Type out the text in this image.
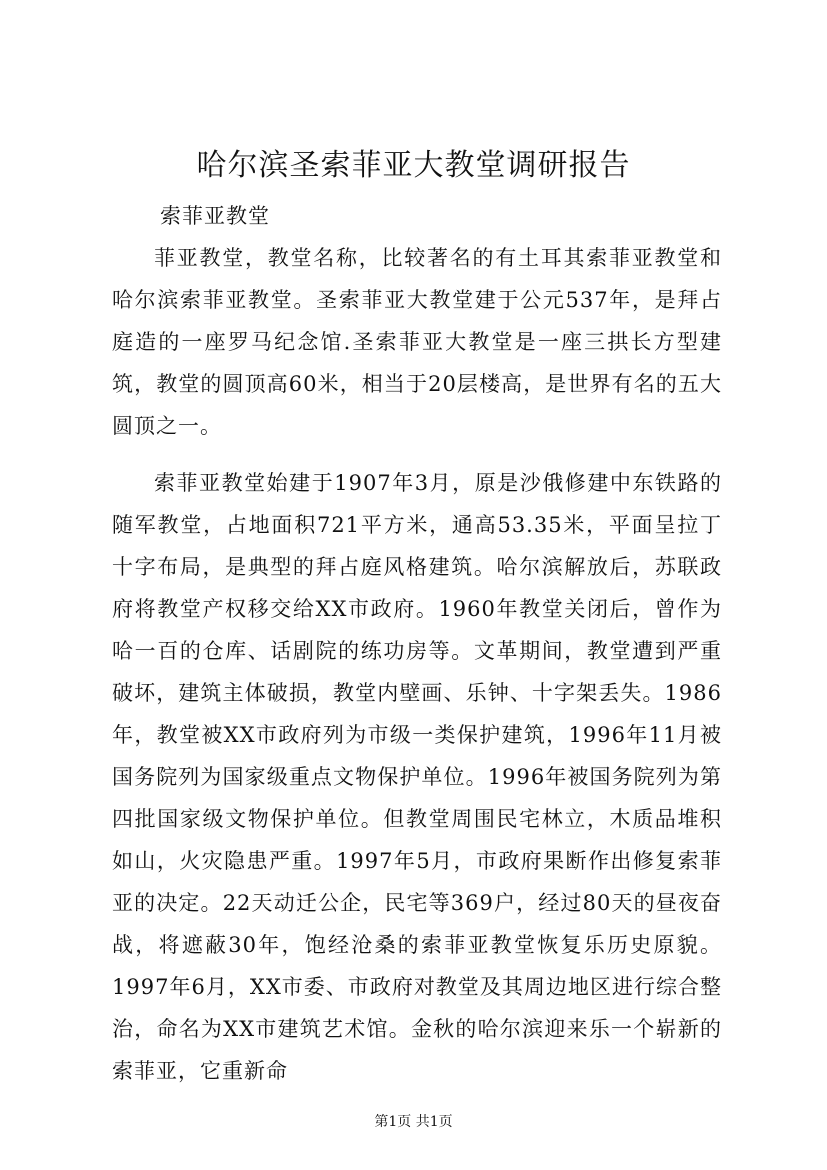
哈尔滨圣索菲亚大教堂调研报告
索菲亚教堂

菲亚教堂，教堂名称，比较著名的有土耳其索菲亚教堂和哈尔滨索菲亚教堂。圣索菲亚大教堂建于公元537年，是拜占庭造的一座罗马纪念馆.圣索菲亚大教堂是一座三拱长方型建筑，教堂的圆顶高60米，相当于20层楼高，是世界有名的五大圆顶之一。

索菲亚教堂始建于1907年3月，原是沙俄修建中东铁路的随军教堂，占地面积721平方米，通高53.35米，平面呈拉丁十字布局，是典型的拜占庭风格建筑。哈尔滨解放后，苏联政府将教堂产权移交给XX市政府。1960年教堂关闭后，曾作为哈一百的仓库、话剧院的练功房等。文革期间，教堂遭到严重破坏，建筑主体破损，教堂内壁画、乐钟、十字架丢失。1986年，教堂被XX市政府列为市级一类保护建筑，1996年11月被国务院列为国家级重点文物保护单位。1996年被国务院列为第四批国家级文物保护单位。但教堂周围民宅林立，木质品堆积如山，火灾隐患严重。1997年5月，市政府果断作出修复索菲亚的决定。22天动迁公企，民宅等369户，经过80天的昼夜奋战，将遮蔽30年，饱经沧桑的索菲亚教堂恢复乐历史原貌。1997年6月，XX市委、市政府对教堂及其周边地区进行综合整治，命名为XX市建筑艺术馆。金秋的哈尔滨迎来乐一个崭新的索菲亚，它重新命

第1页 共1页
